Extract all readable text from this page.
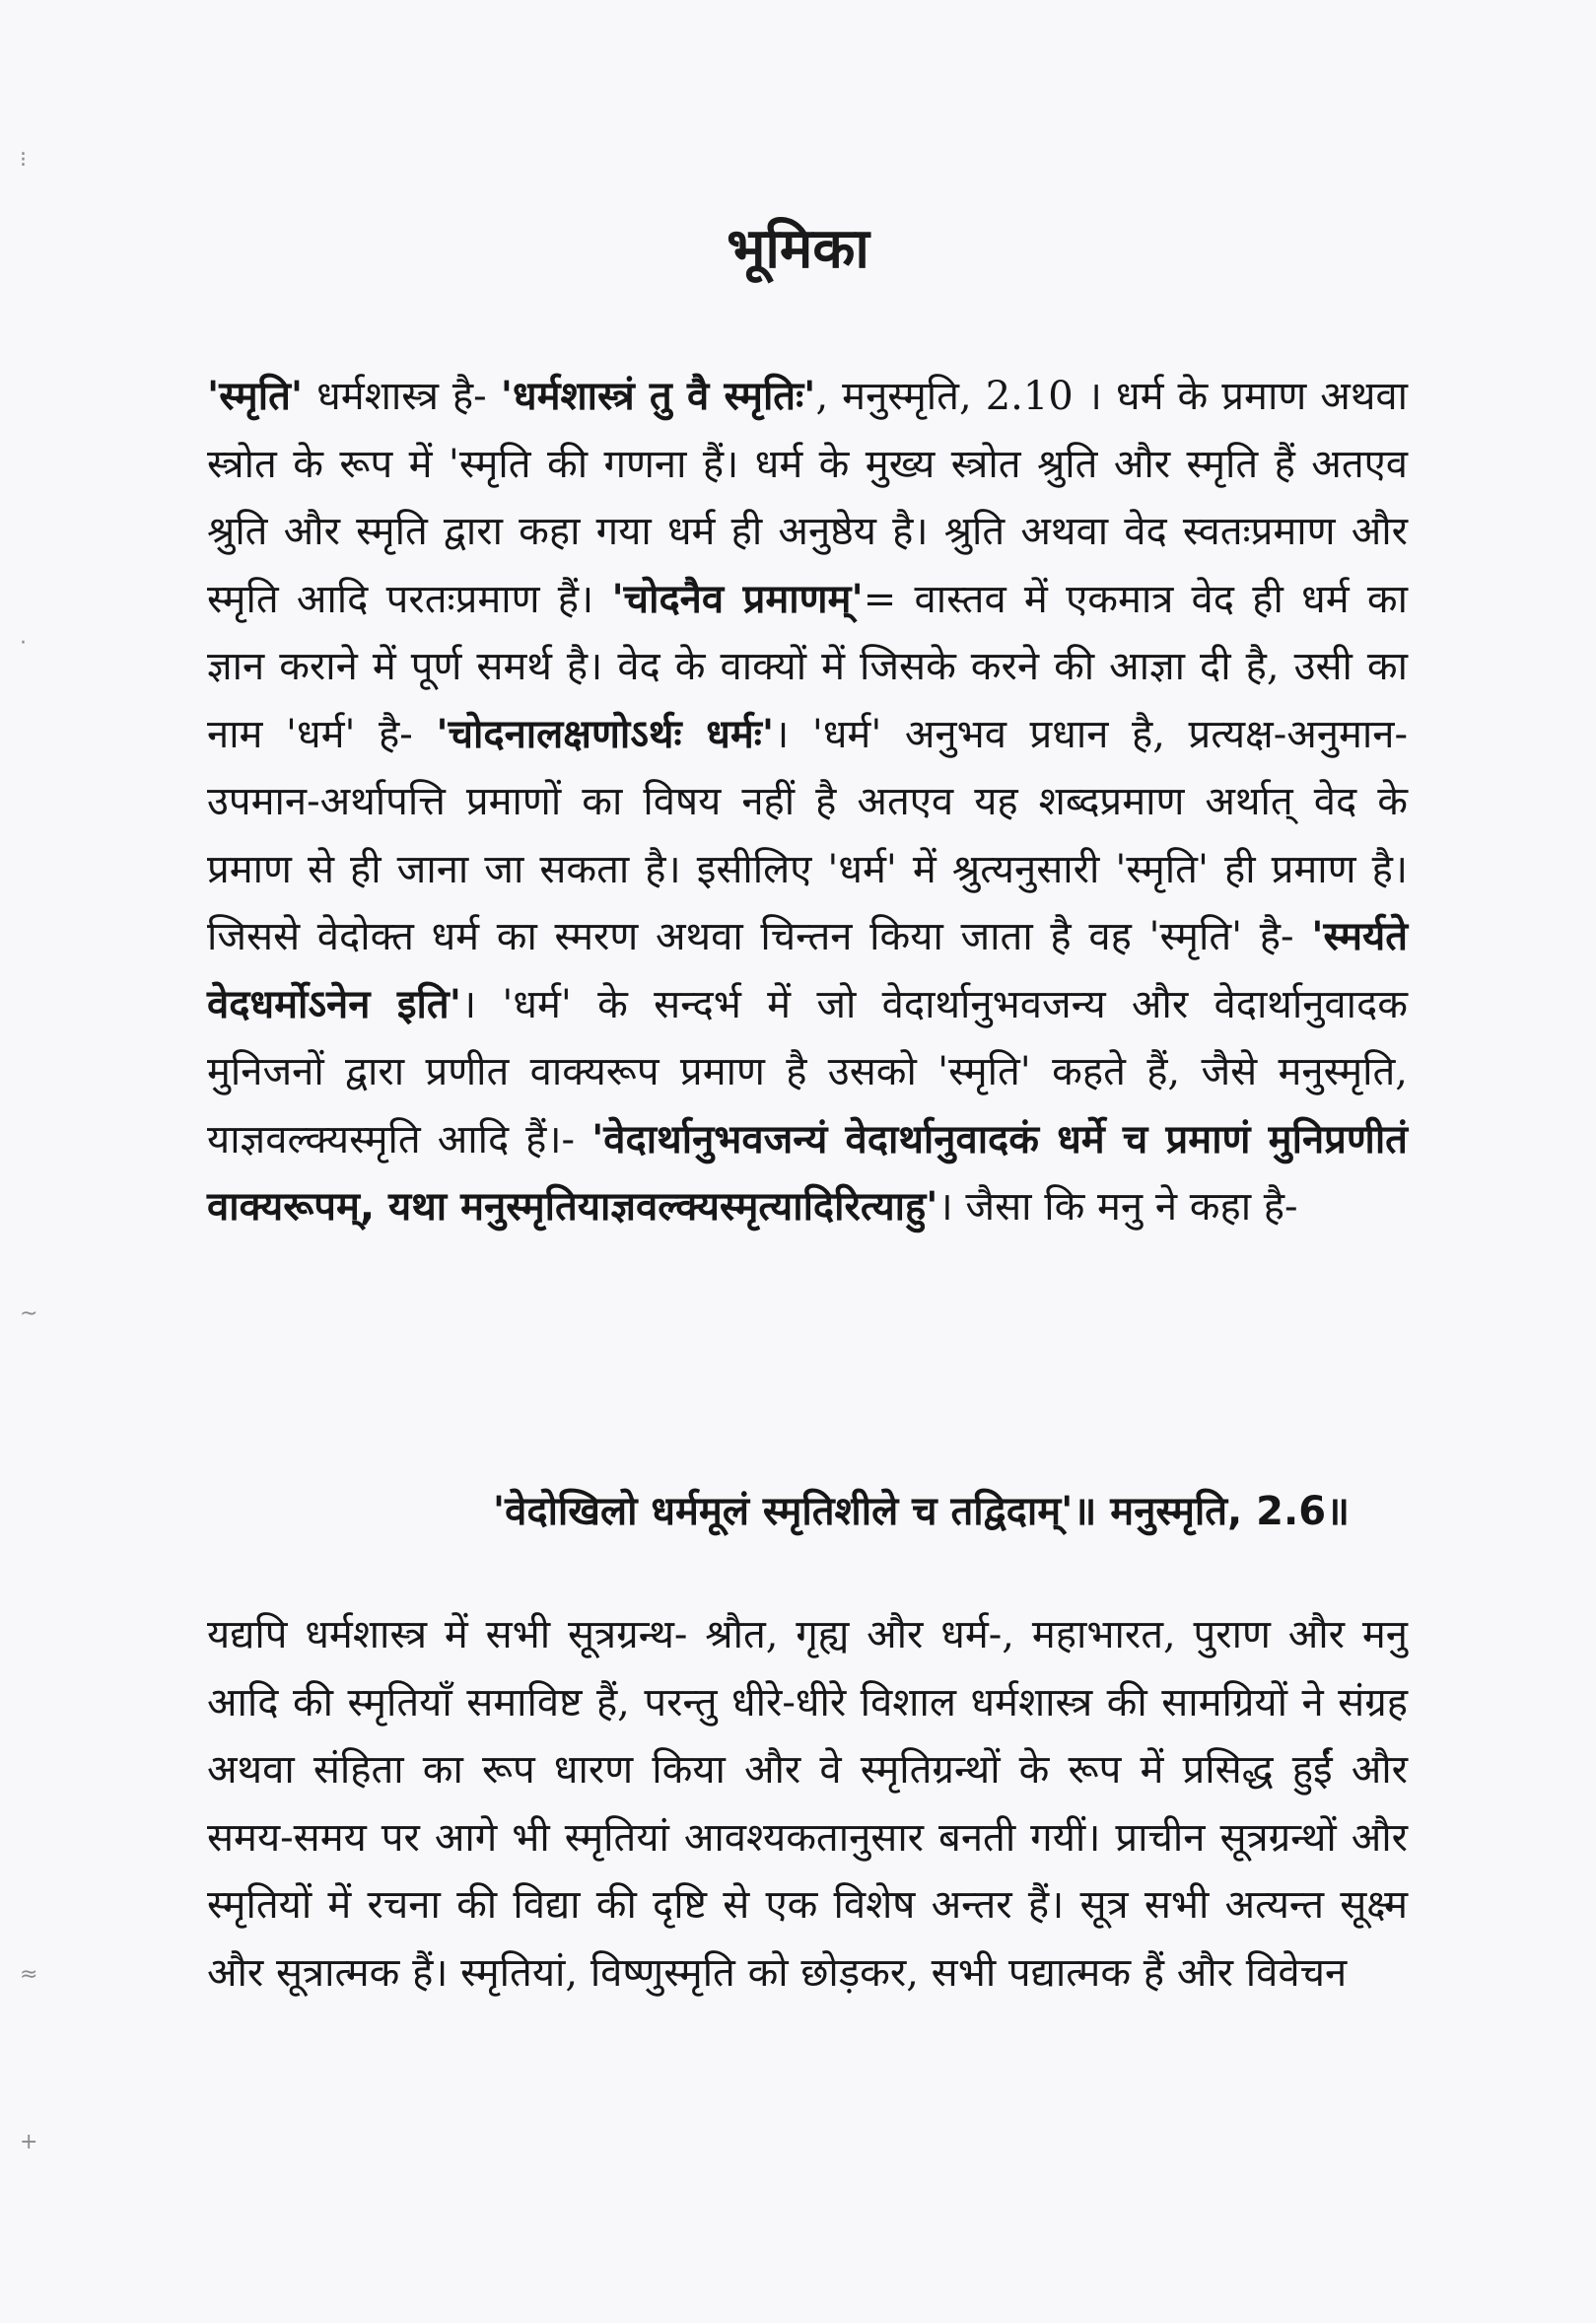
⁝
·
~
≈
+
भूमिका

'स्मृति' धर्मशास्त्र है- 'धर्मशास्त्रं तु वै स्मृतिः', मनुस्मृति, 2.10 । धर्म के प्रमाण अथवा स्त्रोत के रूप में 'स्मृति की गणना हैं। धर्म के मुख्य स्त्रोत श्रुति और स्मृति हैं अतएव श्रुति और स्मृति द्वारा कहा गया धर्म ही अनुष्ठेय है। श्रुति अथवा वेद स्वतःप्रमाण और स्मृति आदि परतःप्रमाण हैं। 'चोदनैव प्रमाणम्'= वास्तव में एकमात्र वेद ही धर्म का ज्ञान कराने में पूर्ण समर्थ है। वेद के वाक्यों में जिसके करने की आज्ञा दी है, उसी का नाम 'धर्म' है- 'चोदनालक्षणोऽर्थः धर्मः'। 'धर्म' अनुभव प्रधान है, प्रत्यक्ष-अनुमान-उपमान-अर्थापत्ति प्रमाणों का विषय नहीं है अतएव यह शब्दप्रमाण अर्थात् वेद के प्रमाण से ही जाना जा सकता है। इसीलिए 'धर्म' में श्रुत्यनुसारी 'स्मृति' ही प्रमाण है। जिससे वेदोक्त धर्म का स्मरण अथवा चिन्तन किया जाता है वह 'स्मृति' है- 'स्मर्यते वेदधर्मोऽनेन इति'। 'धर्म' के सन्दर्भ में जो वेदार्थानुभवजन्य और वेदार्थानुवादक मुनिजनों द्वारा प्रणीत वाक्यरूप प्रमाण है उसको 'स्मृति' कहते हैं, जैसे मनुस्मृति, याज्ञवल्क्यस्मृति आदि हैं।- 'वेदार्थानुभवजन्यं वेदार्थानुवादकं धर्मे च प्रमाणं मुनिप्रणीतं वाक्यरूपम्, यथा मनुस्मृतियाज्ञवल्क्यस्मृत्यादिरित्याहु'। जैसा कि मनु ने कहा है-

'वेदोखिलो धर्ममूलं स्मृतिशीले च तद्विदाम्'॥ मनुस्मृति, 2.6॥

यद्यपि धर्मशास्त्र में सभी सूत्रग्रन्थ- श्रौत, गृह्य और धर्म-, महाभारत, पुराण और मनु आदि की स्मृतियाँ समाविष्ट हैं, परन्तु धीरे-धीरे विशाल धर्मशास्त्र की सामग्रियों ने संग्रह अथवा संहिता का रूप धारण किया और वे स्मृतिग्रन्थों के रूप में प्रसिद्ध हुईं और समय-समय पर आगे भी स्मृतियां आवश्यकतानुसार बनती गयीं। प्राचीन सूत्रग्रन्थों और स्मृतियों में रचना की विद्या की दृष्टि से एक विशेष अन्तर हैं। सूत्र सभी अत्यन्त सूक्ष्म और सूत्रात्मक हैं। स्मृतियां, विष्णुस्मृति को छोड़कर, सभी पद्यात्मक हैं और विवेचन
